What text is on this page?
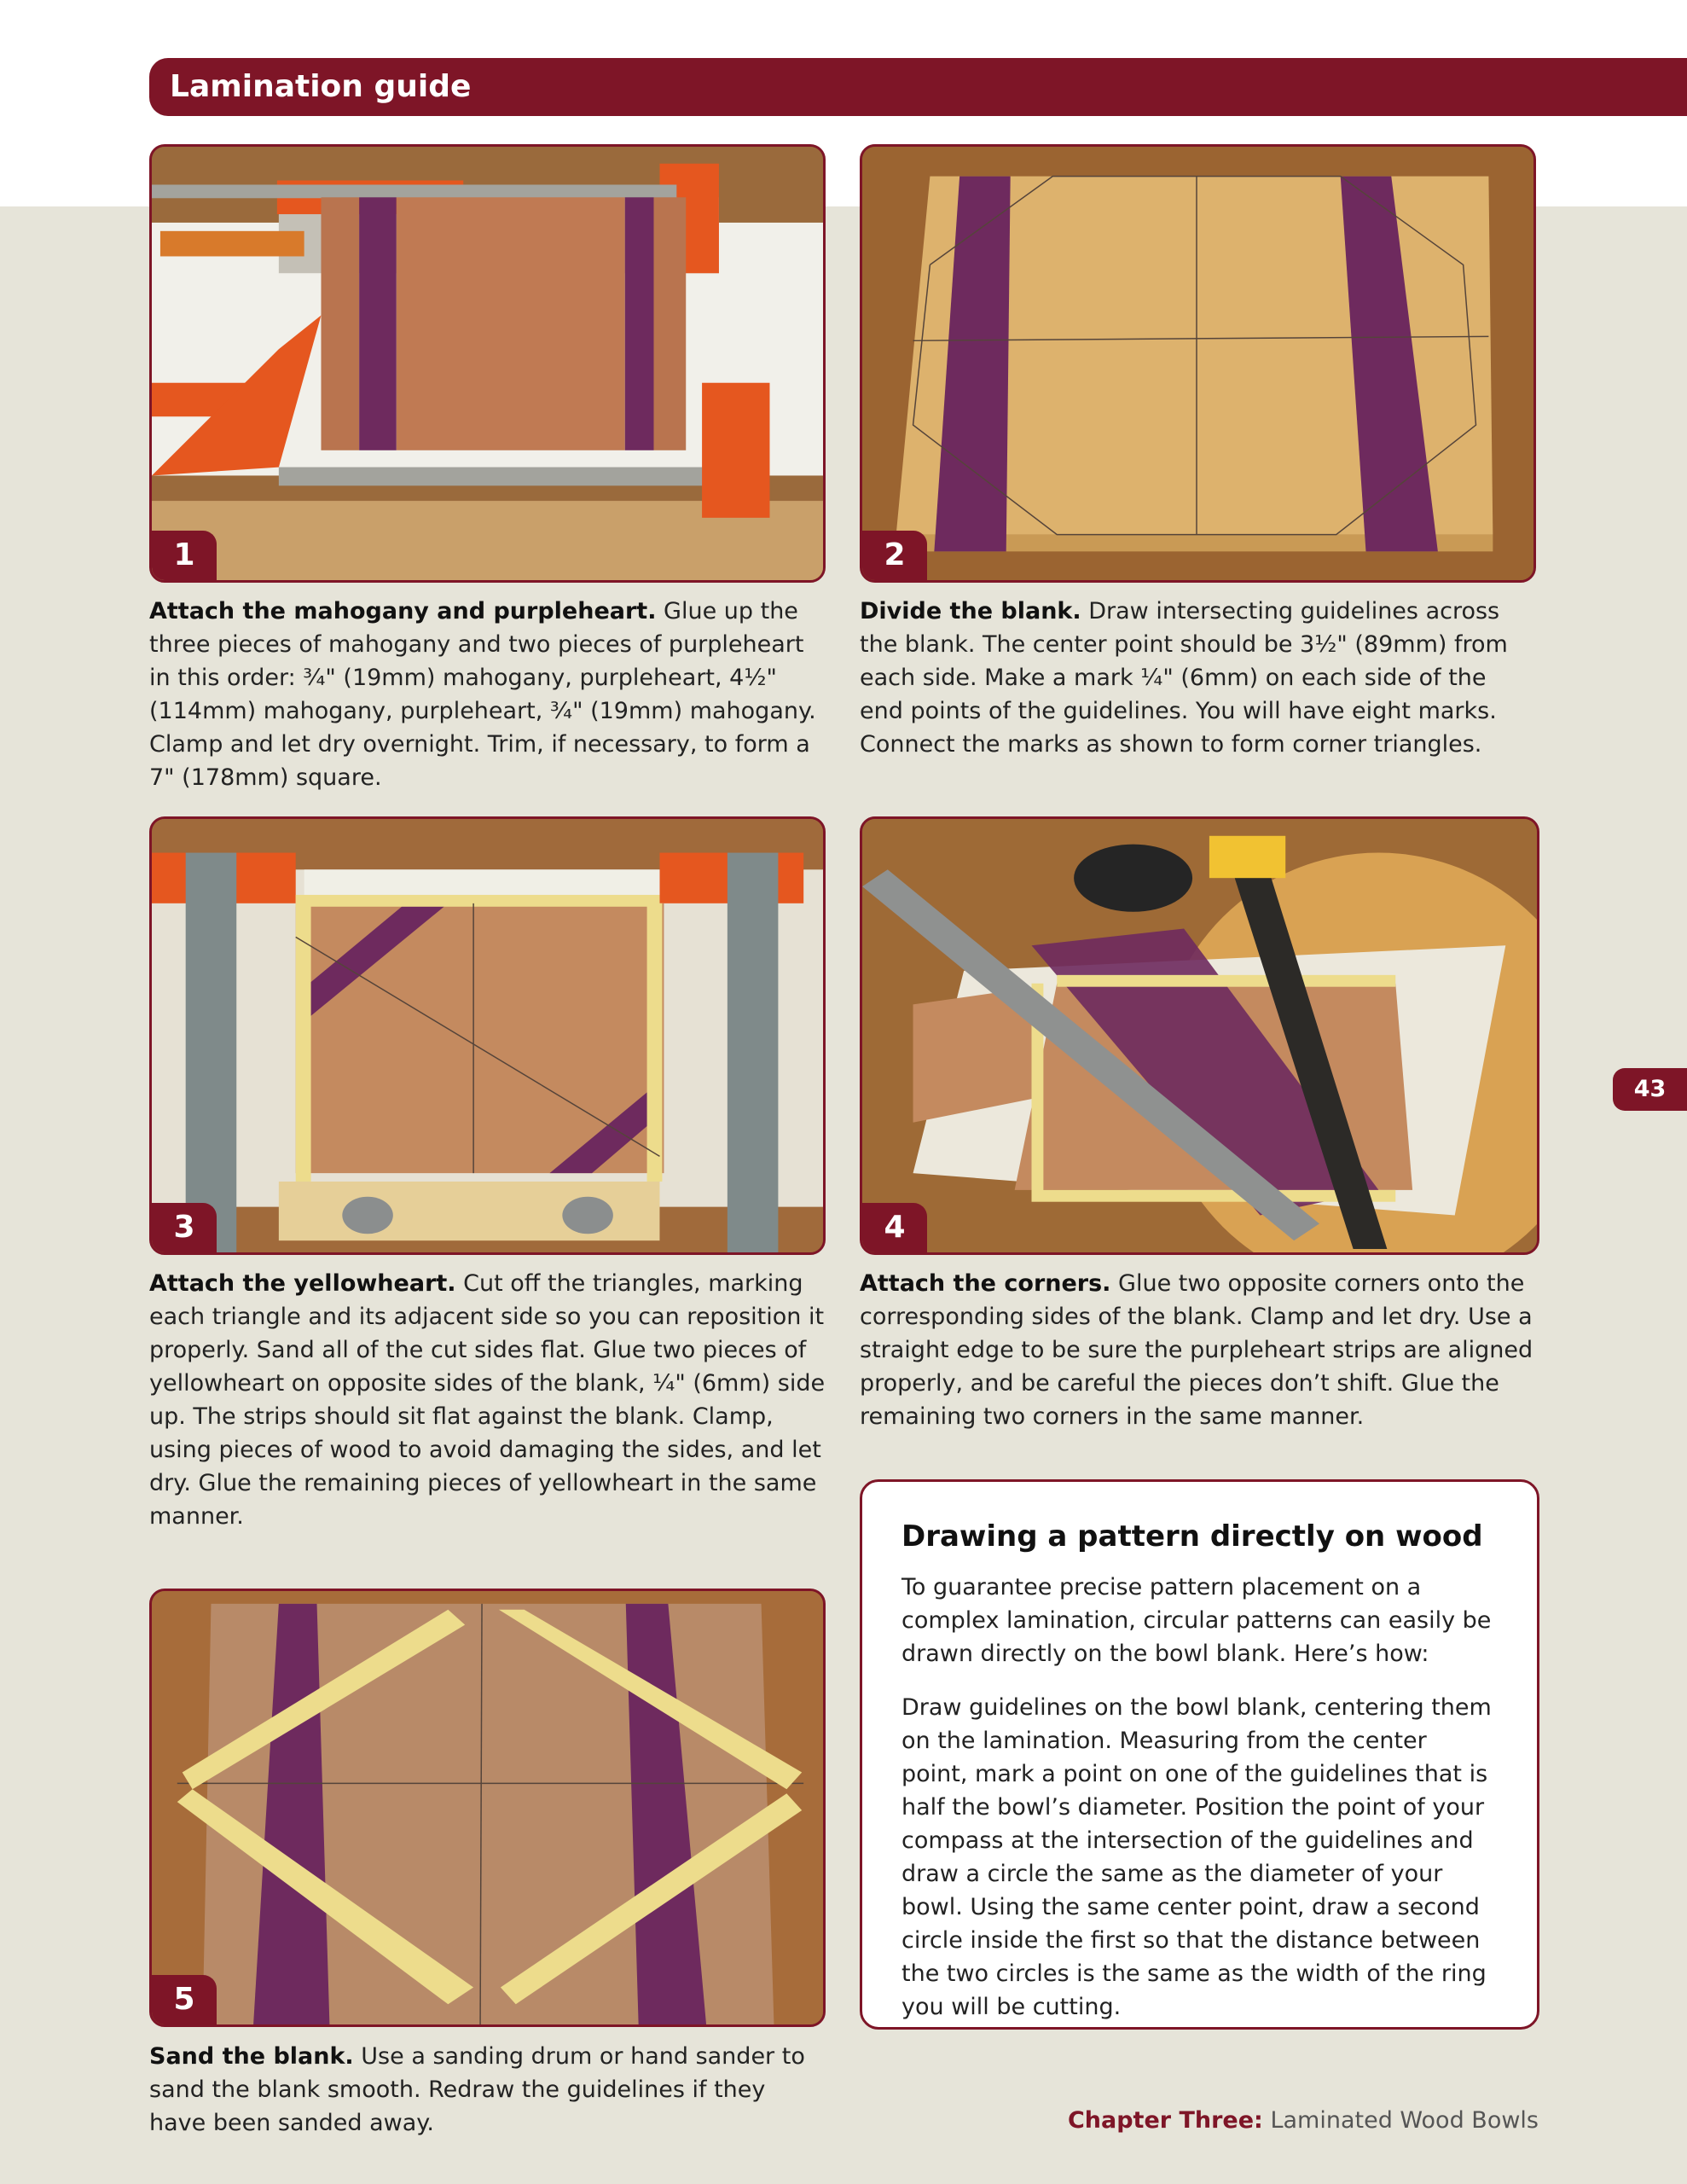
Lamination guide
1	2
Attach the mahogany and purpleheart. Glue up the three pieces of mahogany and two pieces of purpleheart in this order: ¾" (19mm) mahogany, purpleheart, 4½" (114mm) mahogany, purpleheart, ¾" (19mm) mahogany. Clamp and let dry overnight. Trim, if necessary, to form a 7" (178mm) square.
Divide the blank. Draw intersecting guidelines across the blank. The center point should be 3½" (89mm) from each side. Make a mark ¼" (6mm) on each side of the end points of the guidelines. You will have eight marks. Connect the marks as shown to form corner triangles.
3	4
Attach the yellowheart. Cut off the triangles, marking each triangle and its adjacent side so you can reposition it properly. Sand all of the cut sides flat. Glue two pieces of yellowheart on opposite sides of the blank, ¼" (6mm) side up. The strips should sit flat against the blank. Clamp, using pieces of wood to avoid damaging the sides, and let dry. Glue the remaining pieces of yellowheart in the same manner.
Attach the corners. Glue two opposite corners onto the corresponding sides of the blank. Clamp and let dry. Use a straight edge to be sure the purpleheart strips are aligned properly, and be careful the pieces don’t shift. Glue the remaining two corners in the same manner.
43
5
Sand the blank. Use a sanding drum or hand sander to sand the blank smooth. Redraw the guidelines if they have been sanded away.
Drawing a pattern directly on wood

To guarantee precise pattern placement on a complex lamination, circular patterns can easily be drawn directly on the bowl blank. Here’s how:

Draw guidelines on the bowl blank, centering them on the lamination. Measuring from the center point, mark a point on one of the guidelines that is half the bowl’s diameter. Position the point of your compass at the intersection of the guidelines and draw a circle the same as the diameter of your bowl. Using the same center point, draw a second circle inside the first so that the distance between the two circles is the same as the width of the ring you will be cutting.

Chapter Three: Laminated Wood Bowls
